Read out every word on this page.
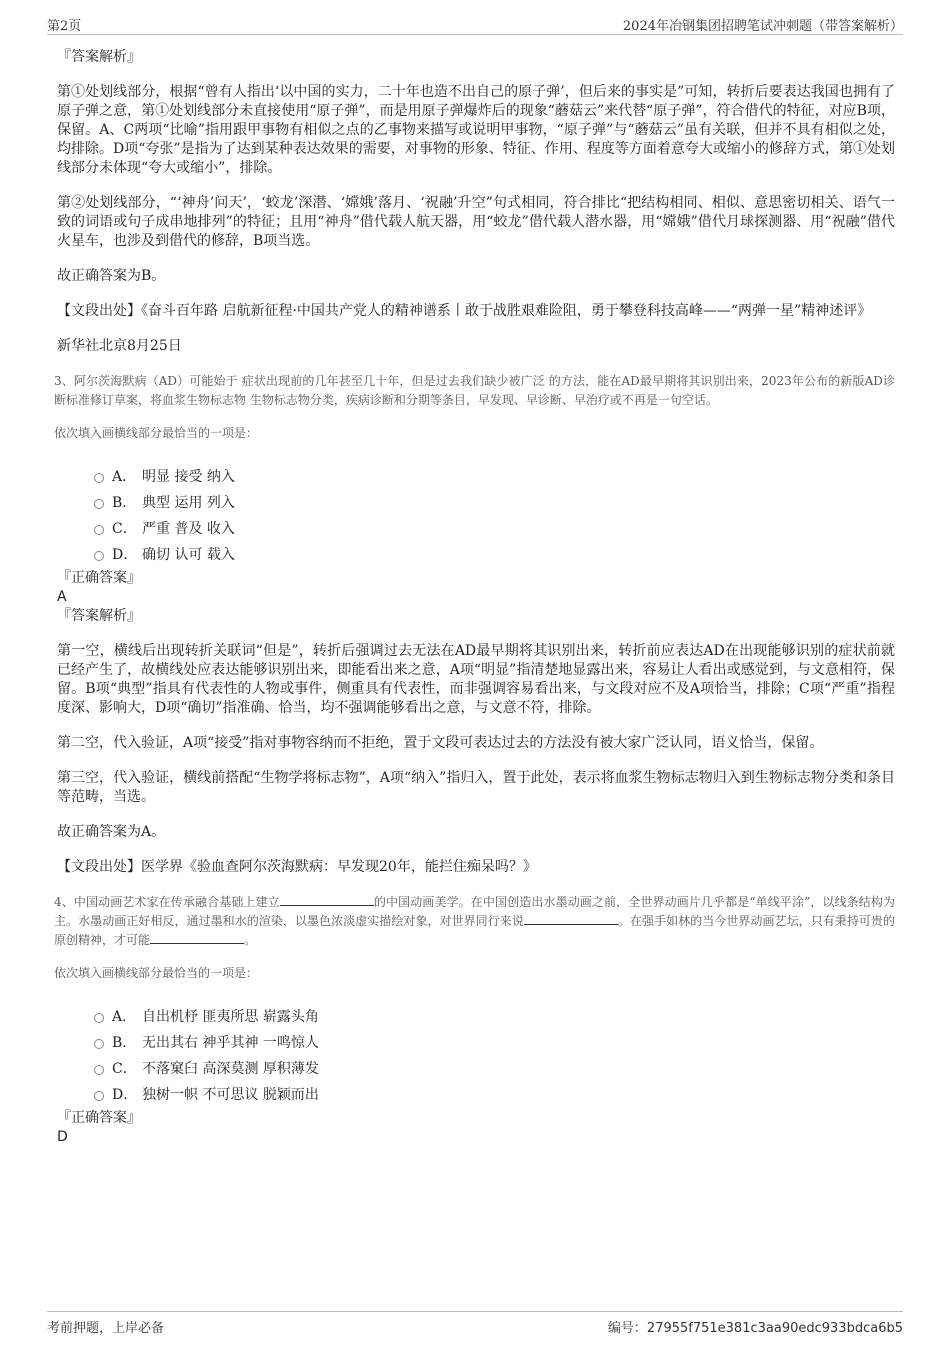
第2页	2024年冶钢集团招聘笔试冲刺题（带答案解析）

『答案解析』

第①处划线部分，根据“曾有人指出‘以中国的实力，二十年也造不出自己的原子弹’，但后来的事实是”可知，转折后要表达我国也拥有了原子弹之意，第①处划线部分未直接使用“原子弹”，而是用原子弹爆炸后的现象“蘑菇云”来代替“原子弹”，符合借代的特征，对应B项，保留。A、C两项“比喻”指用跟甲事物有相似之点的乙事物来描写或说明甲事物，“原子弹”与“蘑菇云”虽有关联，但并不具有相似之处，均排除。D项“夸张”是指为了达到某种表达效果的需要，对事物的形象、特征、作用、程度等方面着意夸大或缩小的修辞方式，第①处划线部分未体现“夸大或缩小”，排除。

第②处划线部分，“‘神舟’问天’，‘蛟龙’深潜、‘嫦娥’落月、‘祝融’升空”句式相同，符合排比“把结构相同、相似、意思密切相关、语气一致的词语或句子成串地排列”的特征；且用“神舟”借代载人航天器，用“蛟龙”借代载人潜水器，用“嫦娥”借代月球探测器、用“祝融”借代火星车，也涉及到借代的修辞，B项当选。

故正确答案为B。

【文段出处】《奋斗百年路 启航新征程·中国共产党人的精神谱系丨敢于战胜艰难险阻，勇于攀登科技高峰——“两弹一星”精神述评》

新华社北京8月25日

3、阿尔茨海默病（AD）可能始于 症状出现前的几年甚至几十年，但是过去我们缺少被广泛 的方法，能在AD最早期将其识别出来，2023年公布的新版AD诊断标准修订草案，将血浆生物标志物 生物标志物分类，疾病诊断和分期等条目，早发现、早诊断、早治疗或不再是一句空话。

依次填入画横线部分最恰当的一项是：

A． 明显 接受 纳入
B． 典型 运用 列入
C． 严重 普及 收入
D． 确切 认可 载入

『正确答案』

A

『答案解析』

第一空，横线后出现转折关联词“但是”，转折后强调过去无法在AD最早期将其识别出来，转折前应表达AD在出现能够识别的症状前就已经产生了，故横线处应表达能够识别出来，即能看出来之意，A项“明显”指清楚地显露出来，容易让人看出或感觉到，与文意相符，保留。B项“典型”指具有代表性的人物或事件，侧重具有代表性，而非强调容易看出来，与文段对应不及A项恰当，排除；C项“严重”指程度深、影响大，D项“确切”指准确、恰当，均不强调能够看出之意，与文意不符，排除。

第二空，代入验证，A项“接受”指对事物容纳而不拒绝，置于文段可表达过去的方法没有被大家广泛认同，语义恰当，保留。

第三空，代入验证，横线前搭配“生物学将标志物”，A项“纳入”指归入，置于此处，表示将血浆生物标志物归入到生物标志物分类和条目等范畴，当选。

故正确答案为A。

【文段出处】医学界《验血查阿尔茨海默病：早发现20年，能拦住痴呆吗？》

4、中国动画艺术家在传承融合基础上建立	的中国动画美学。在中国创造出水墨动画之前，全世界动画片几乎都是“单线平涂”，以线条结构为主。水墨动画正好相反，通过墨和水的渲染，以墨色浓淡虚实描绘对象，对世界同行来说	。在强手如林的当今世界动画艺坛，只有秉持可贵的原创精神，才可能	。

依次填入画横线部分最恰当的一项是：

A． 自出机杼 匪夷所思 崭露头角
B． 无出其右 神乎其神 一鸣惊人
C． 不落窠臼 高深莫测 厚积薄发
D． 独树一帜 不可思议 脱颖而出

『正确答案』

D

考前押题，上岸必备	编号：27955f751e381c3aa90edc933bdca6b5
